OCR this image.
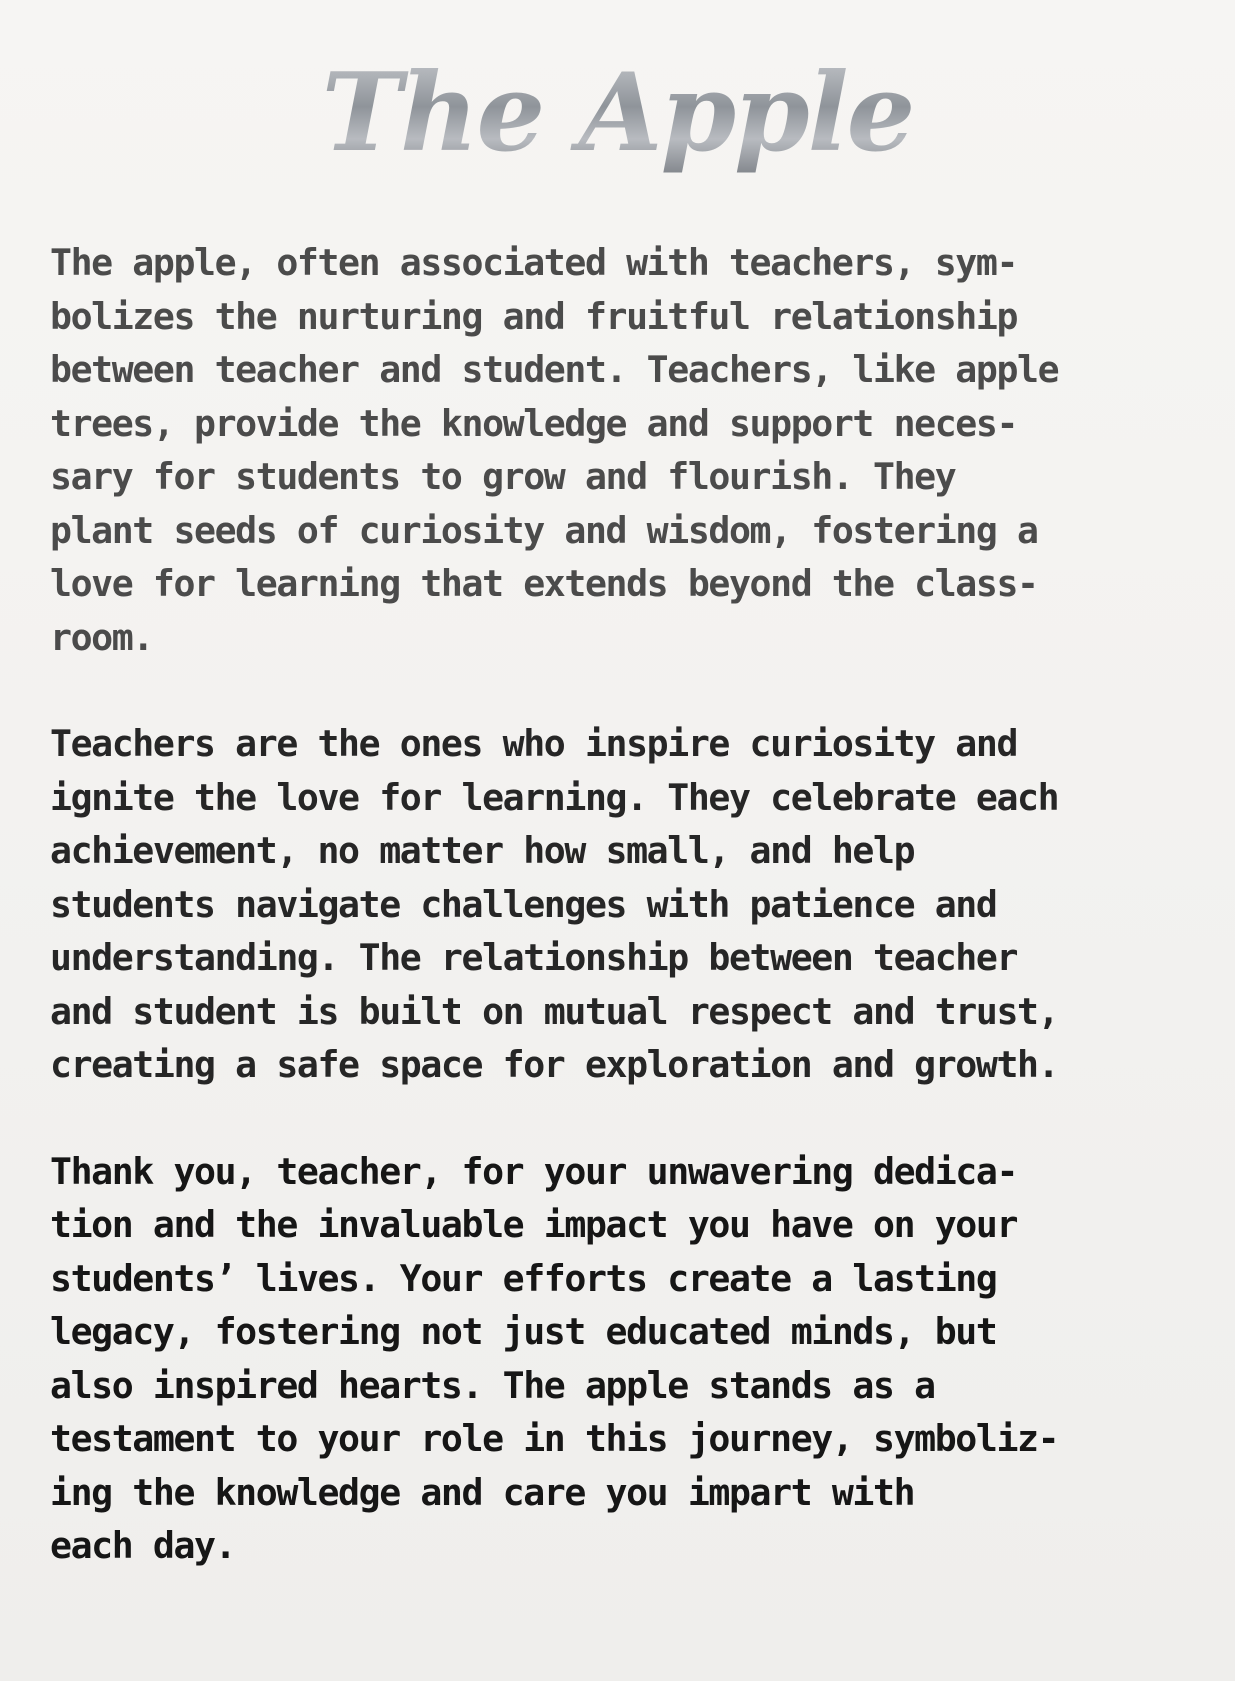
The Apple
The apple, often associated with teachers, sym-
bolizes the nurturing and fruitful relationship
between teacher and student. Teachers, like apple
trees, provide the knowledge and support neces-
sary for students to grow and flourish. They
plant seeds of curiosity and wisdom, fostering a
love for learning that extends beyond the class-
room.
Teachers are the ones who inspire curiosity and
ignite the love for learning. They celebrate each
achievement, no matter how small, and help
students navigate challenges with patience and
understanding. The relationship between teacher
and student is built on mutual respect and trust,
creating a safe space for exploration and growth.
Thank you, teacher, for your unwavering dedica-
tion and the invaluable impact you have on your
students’ lives. Your efforts create a lasting
legacy, fostering not just educated minds, but
also inspired hearts. The apple stands as a
testament to your role in this journey, symboliz-
ing the knowledge and care you impart with
each day.
